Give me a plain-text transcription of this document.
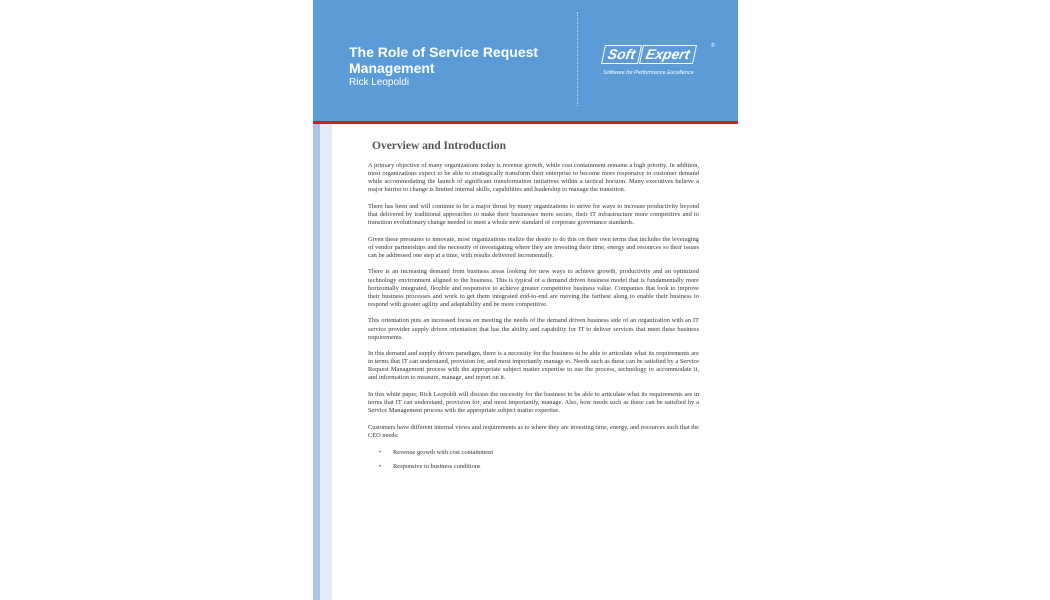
The Role of Service Request Management

Rick Leopoldi

Soft Expert	®
Software for Performance Excellence
Overview and Introduction

A primary objective of many organizations today is revenue growth, while cost containment remains a high priority. In addition, most organizations expect to be able to strategically transform their enterprise to become more responsive to customer demand while accommodating the launch of significant transformation initiatives within a tactical horizon. Many executives believe a major barrier to change is limited internal skills, capabilities and leadership to manage the transition.

There has been and will continue to be a major thrust by many organizations to strive for ways to increase productivity beyond that delivered by traditional approaches to make their businesses more secure, their IT infrastructure more competitive and to transition evolutionary change needed to meet a whole new standard of corporate governance standards.

Given these pressures to innovate, most organizations realize the desire to do this on their own terms that includes the leveraging of vendor partnerships and the necessity of investigating where they are investing their time, energy and resources so their issues can be addressed one step at a time, with results delivered incrementally.

There is an increasing demand from business areas looking for new ways to achieve growth, productivity and an optimized technology environment aligned to the business. This is typical of a demand driven business model that is fundamentally more horizontally integrated, flexible and responsive to achieve greater competitive business value. Companies that look to improve their business processes and work to get them integrated end-to-end are moving the farthest along to enable their business to respond with greater agility and adaptability and be more competitive.

This orientation puts an increased focus on meeting the needs of the demand driven business side of an organization with an IT service provider supply driven orientation that has the ability and capability for IT to deliver services that meet these business requirements.

In this demand and supply driven paradigm, there is a necessity for the business to be able to articulate what its requirements are in terms that IT can understand, provision for, and most importantly manage to. Needs such as these can be satisfied by a Service Request Management process with the appropriate subject matter expertise to use the process, technology to accommodate it, and information to measure, manage, and report on it.

In this white paper, Rick Leopoldi will discuss the necessity for the business to be able to articulate what its requirements are in terms that IT can understand, provision for, and most importantly, manage. Also, how needs such as these can be satisfied by a Service Management process with the appropriate subject matter expertise.

Customers have different internal views and requirements as to where they are investing time, energy, and resources such that the CEO needs:

• Revenue growth with cost containment
• Responsive to business conditions
